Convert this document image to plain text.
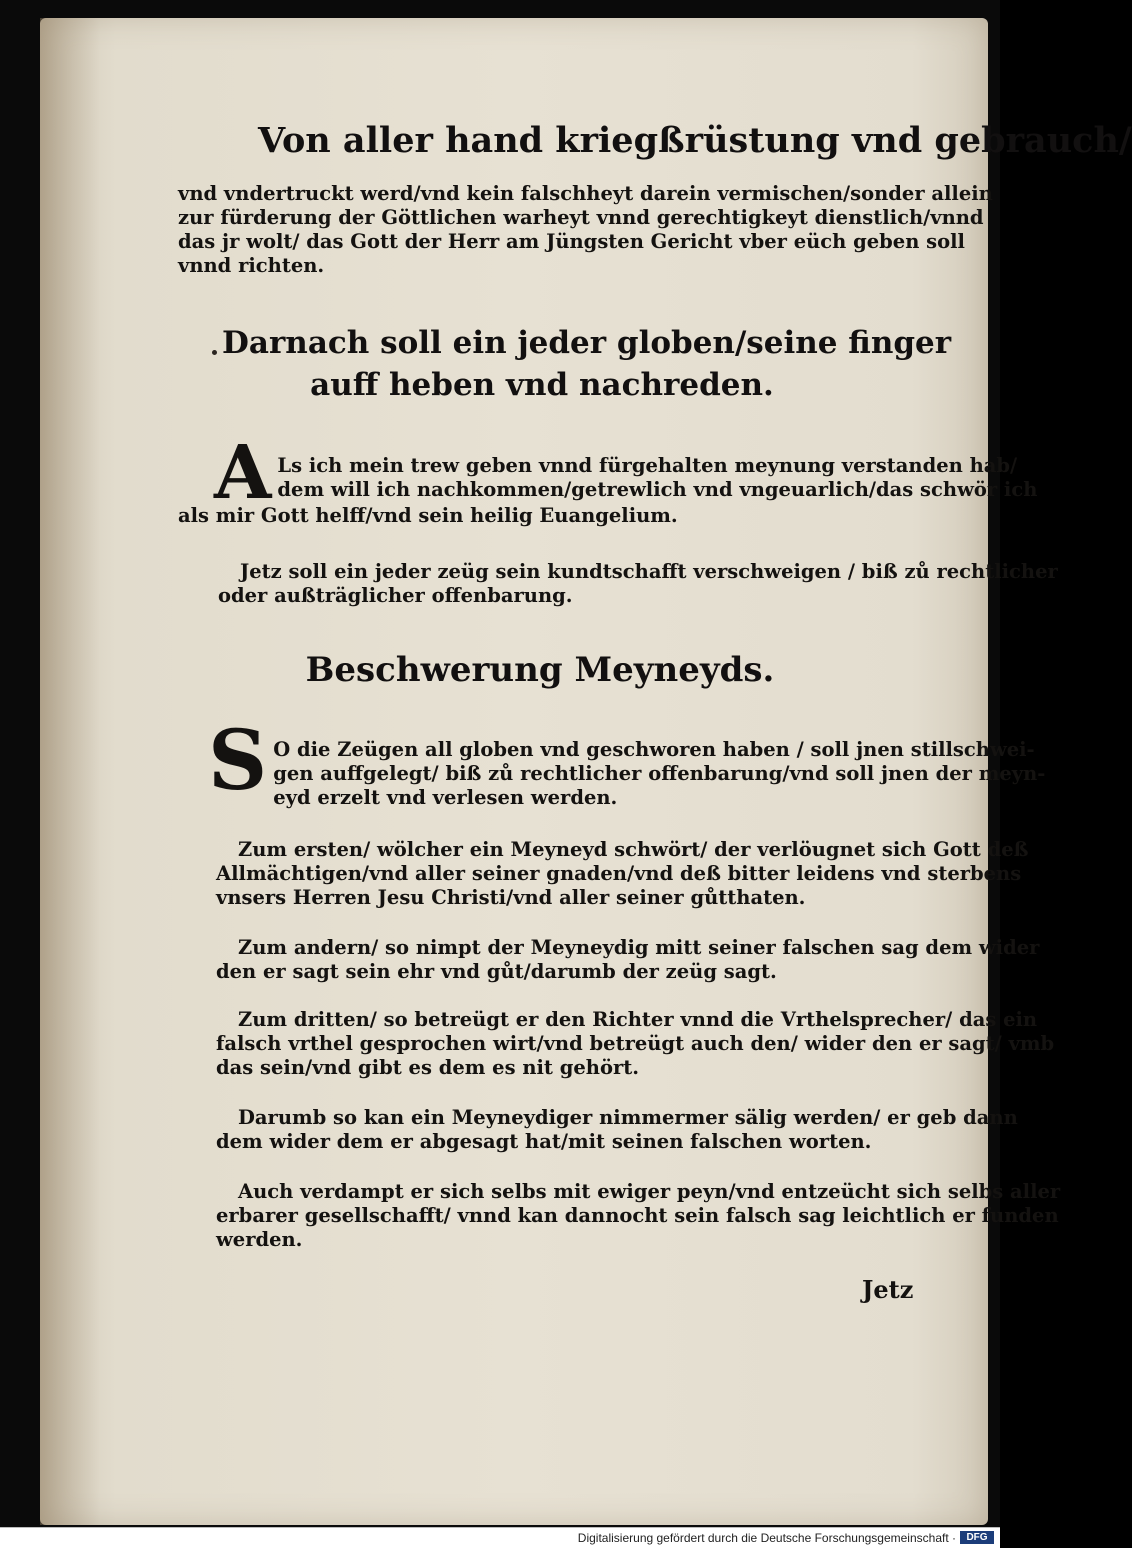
Von aller hand kriegßrüstung vnd gebrauch/

vnd vndertruckt werd/vnd kein falschheyt darein vermischen/sonder allein
zur fürderung der Göttlichen warheyt vnnd gerechtigkeyt dienstlich/vnnd
das jr wolt/ das Gott der Herr am Jüngsten Gericht vber eüch geben soll
vnnd richten.

Darnach soll ein jeder globen/seine finger
auff heben vnd nachreden.
A Ls ich mein trew geben vnnd fürgehalten meynung verstanden hab/
dem will ich nachkommen/getrewlich vnd vngeuarlich/das schwör ich

als mir Gott helff/vnd sein heilig Euangelium.

Jetz soll ein jeder zeüg sein kundtschafft verschweigen / biß zů rechtlicher
oder außträglicher offenbarung.

Beschwerung Meyneyds.
S O die Zeügen all globen vnd geschworen haben / soll jnen stillschwei-
gen auffgelegt/ biß zů rechtlicher offenbarung/vnd soll jnen der meyn-
eyd erzelt vnd verlesen werden.

Zum ersten/ wölcher ein Meyneyd schwört/ der verlöugnet sich Gott deß
Allmächtigen/vnd aller seiner gnaden/vnd deß bitter leidens vnd sterbens
vnsers Herren Jesu Christi/vnd aller seiner gůtthaten.

Zum andern/ so nimpt der Meyneydig mitt seiner falschen sag dem wider
den er sagt sein ehr vnd gůt/darumb der zeüg sagt.

Zum dritten/ so betreügt er den Richter vnnd die Vrthelsprecher/ das ein
falsch vrthel gesprochen wirt/vnd betreügt auch den/ wider den er sagt/ vmb
das sein/vnd gibt es dem es nit gehört.

Darumb so kan ein Meyneydiger nimmermer sälig werden/ er geb dann
dem wider dem er abgesagt hat/mit seinen falschen worten.

Auch verdampt er sich selbs mit ewiger peyn/vnd entzeücht sich selbs aller
erbarer gesellschafft/ vnnd kan dannocht sein falsch sag leichtlich er funden
werden.

Jetz
Digitalisierung gefördert durch die Deutsche Forschungsgemeinschaft ·	DFG
